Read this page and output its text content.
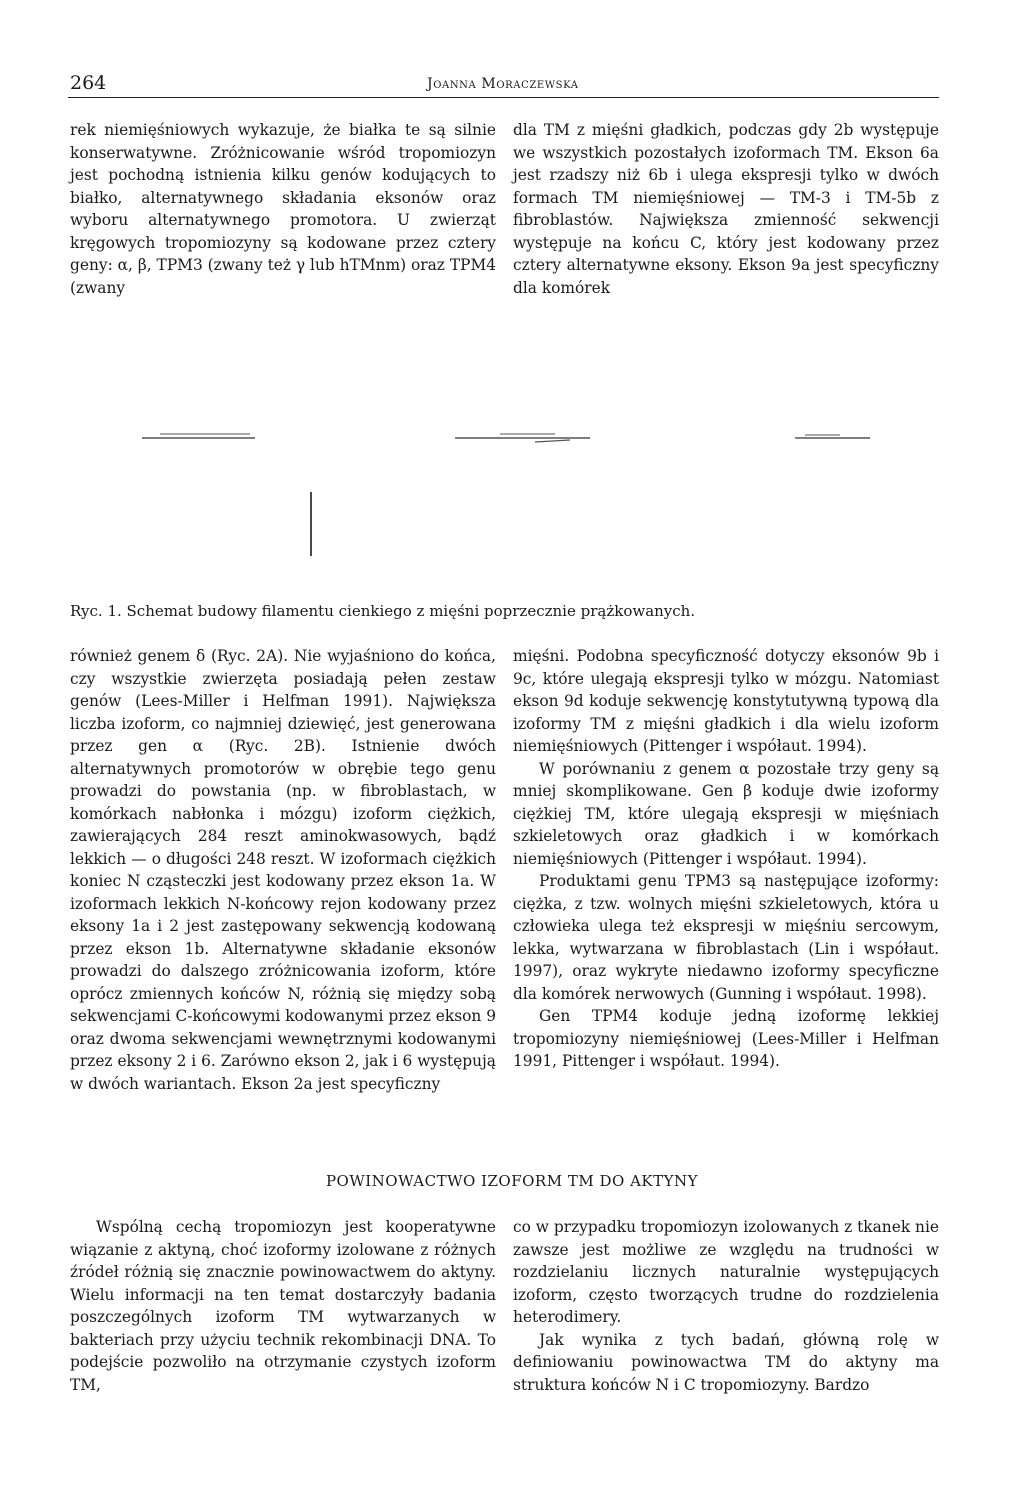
264	Joanna Moraczewska

rek niemięśniowych wykazuje, że białka te są silnie konserwatywne. Zróżnicowanie wśród tropomiozyn jest pochodną istnienia kilku genów kodujących to białko, alternatywnego składania eksonów oraz wyboru alternatywnego promotora. U zwierząt kręgowych tropomiozyny są kodowane przez cztery geny: α, β, TPM3 (zwany też γ lub hTMnm) oraz TPM4 (zwany

dla TM z mięśni gładkich, podczas gdy 2b występuje we wszystkich pozostałych izoformach TM. Ekson 6a jest rzadszy niż 6b i ulega ekspresji tylko w dwóch formach TM niemięśniowej — TM-3 i TM-5b z fibroblastów. Największa zmienność sekwencji występuje na końcu C, który jest kodowany przez cztery alternatywne eksony. Ekson 9a jest specyficzny dla komórek

Ryc. 1. Schemat budowy filamentu cienkiego z mięśni poprzecznie prążkowanych.

również genem δ (Ryc. 2A). Nie wyjaśniono do końca, czy wszystkie zwierzęta posiadają pełen zestaw genów (Lees-Miller i Helfman 1991). Największa liczba izoform, co najmniej dziewięć, jest generowana przez gen α (Ryc. 2B). Istnienie dwóch alternatywnych promotorów w obrębie tego genu prowadzi do powstania (np. w fibroblastach, w komórkach nabłonka i mózgu) izoform ciężkich, zawierających 284 reszt aminokwasowych, bądź lekkich — o długości 248 reszt. W izoformach ciężkich koniec N cząsteczki jest kodowany przez ekson 1a. W izoformach lekkich N-końcowy rejon kodowany przez eksony 1a i 2 jest zastępowany sekwencją kodowaną przez ekson 1b. Alternatywne składanie eksonów prowadzi do dalszego zróżnicowania izoform, które oprócz zmiennych końców N, różnią się między sobą sekwencjami C-końcowymi kodowanymi przez ekson 9 oraz dwoma sekwencjami wewnętrznymi kodowanymi przez eksony 2 i 6. Zarówno ekson 2, jak i 6 występują w dwóch wariantach. Ekson 2a jest specyficzny

mięśni. Podobna specyficzność dotyczy eksonów 9b i 9c, które ulegają ekspresji tylko w mózgu. Natomiast ekson 9d koduje sekwencję konstytutywną typową dla izoformy TM z mięśni gładkich i dla wielu izoform niemięśniowych (Pittenger i współaut. 1994).

W porównaniu z genem α pozostałe trzy geny są mniej skomplikowane. Gen β koduje dwie izoformy ciężkiej TM, które ulegają ekspresji w mięśniach szkieletowych oraz gładkich i w komórkach niemięśniowych (Pittenger i współaut. 1994).

Produktami genu TPM3 są następujące izoformy: ciężka, z tzw. wolnych mięśni szkieletowych, która u człowieka ulega też ekspresji w mięśniu sercowym, lekka, wytwarzana w fibroblastach (Lin i współaut. 1997), oraz wykryte niedawno izoformy specyficzne dla komórek nerwowych (Gunning i współaut. 1998).

Gen TPM4 koduje jedną izoformę lekkiej tropomiozyny niemięśniowej (Lees-Miller i Helfman 1991, Pittenger i współaut. 1994).

POWINOWACTWO IZOFORM TM DO AKTYNY

Wspólną cechą tropomiozyn jest kooperatywne wiązanie z aktyną, choć izoformy izolowane z różnych źródeł różnią się znacznie powinowactwem do aktyny. Wielu informacji na ten temat dostarczyły badania poszczególnych izoform TM wytwarzanych w bakteriach przy użyciu technik rekombinacji DNA. To podejście pozwoliło na otrzymanie czystych izoform TM,

co w przypadku tropomiozyn izolowanych z tkanek nie zawsze jest możliwe ze względu na trudności w rozdzielaniu licznych naturalnie występujących izoform, często tworzących trudne do rozdzielenia heterodimery.

Jak wynika z tych badań, główną rolę w definiowaniu powinowactwa TM do aktyny ma struktura końców N i C tropomiozyny. Bardzo
